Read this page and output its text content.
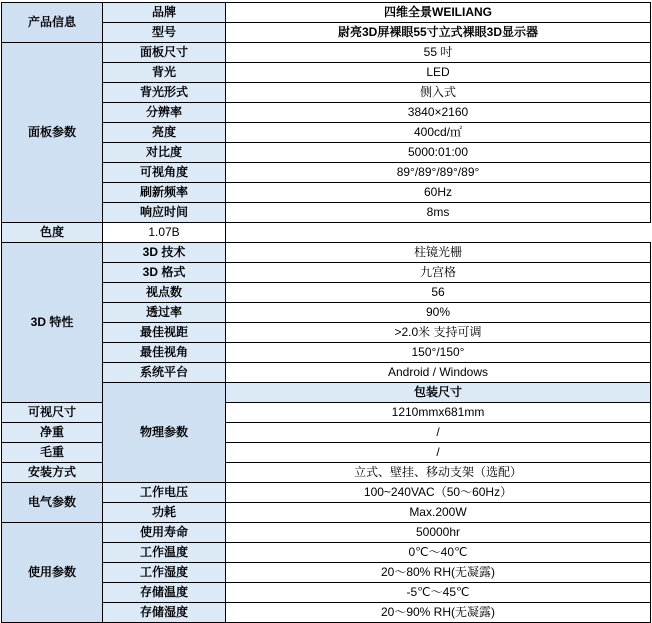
产品信息	品牌	四维全景WEILIANG	
	型号	尉亮3D屏裸眼55寸立式裸眼3D显示器	
面板参数	面板尺寸	55 吋	
	背光	LED	
	背光形式	侧入式	
	分辨率	3840×2160	
	亮度	400cd/㎡	
	对比度	5000:01:00	
	可视角度	89°/89°/89°/89°	
	刷新频率	60Hz	
	响应时间	8ms	
色度	1.07B		
3D 特性	3D 技术	柱镜光栅	
	3D 格式	九宫格	
	视点数	56	
	透过率	90%	
	最佳视距	>2.0米 支持可调	
	最佳视角	150°/150°	
	系统平台	Android / Windows	
	物理参数	包装尺寸	
可视尺寸		1210mmx681mm	
净重		/	
毛重		/	
安装方式		立式、壁挂、移动支架（选配）	
电气参数	工作电压	100~240VAC（50～60Hz）	
	功耗	Max.200W	
使用参数	使用寿命	50000hr	
	工作温度	0℃～40℃	
	工作湿度	20～80% RH(无凝露)	
	存储温度	-5℃～45℃	
	存储湿度	20～90% RH(无凝露)	
